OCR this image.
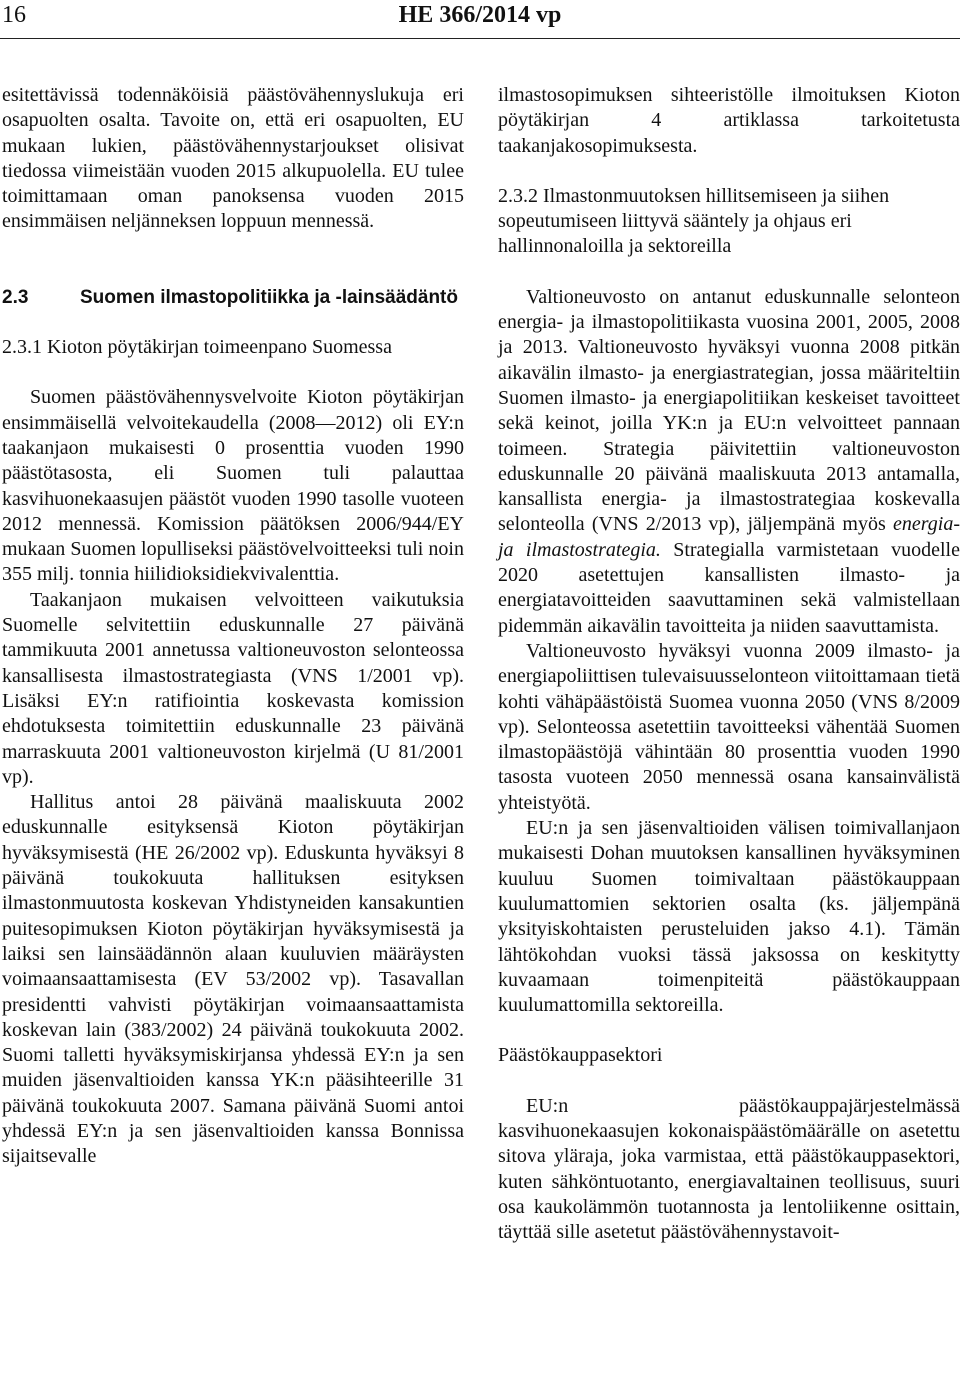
HE 366/2014 vp
16

esitettävissä todennäköisiä päästövähennyslukuja eri osapuolten osalta. Tavoite on, että eri osapuolten, EU mukaan lukien, päästövähennystarjoukset olisivat tiedossa viimeistään vuoden 2015 alkupuolella. EU tulee toimittamaan oman panoksensa vuoden 2015 ensimmäisen neljänneksen loppuun mennessä.

2.3	Suomen ilmastopolitiikka ja -lainsäädäntö

2.3.1 Kioton pöytäkirjan toimeenpano Suomessa

Suomen päästövähennysvelvoite Kioton pöytäkirjan ensimmäisellä velvoitekaudella (2008—2012) oli EY:n taakanjaon mukaisesti 0 prosenttia vuoden 1990 päästötasosta, eli Suomen tuli palauttaa kasvihuonekaasujen päästöt vuoden 1990 tasolle vuoteen 2012 mennessä. Komission päätöksen 2006/944/EY mukaan Suomen lopulliseksi päästövelvoitteeksi tuli noin 355 milj. tonnia hiilidioksidiekvivalenttia.

Taakanjaon mukaisen velvoitteen vaikutuksia Suomelle selvitettiin eduskunnalle 27 päivänä tammikuuta 2001 annetussa valtioneuvoston selonteossa kansallisesta ilmastostrategiasta (VNS 1/2001 vp). Lisäksi EY:n ratifiointia koskevasta komission ehdotuksesta toimitettiin eduskunnalle 23 päivänä marraskuuta 2001 valtioneuvoston kirjelmä (U 81/2001 vp).

Hallitus antoi 28 päivänä maaliskuuta 2002 eduskunnalle esityksensä Kioton pöytäkirjan hyväksymisestä (HE 26/2002 vp). Eduskunta hyväksyi 8 päivänä toukokuuta hallituksen esityksen ilmastonmuutosta koskevan Yhdistyneiden kansakuntien puitesopimuksen Kioton pöytäkirjan hyväksymisestä ja laiksi sen lainsäädännön alaan kuuluvien määräysten voimaansaattamisesta (EV 53/2002 vp). Tasavallan presidentti vahvisti pöytäkirjan voimaansaattamista koskevan lain (383/2002) 24 päivänä toukokuuta 2002. Suomi talletti hyväksymiskirjansa yhdessä EY:n ja sen muiden jäsenvaltioiden kanssa YK:n pääsihteerille 31 päivänä toukokuuta 2007. Samana päivänä Suomi antoi yhdessä EY:n ja sen jäsenvaltioiden kanssa Bonnissa sijaitsevalle

ilmastosopimuksen sihteeristölle ilmoituksen Kioton pöytäkirjan 4 artiklassa tarkoitetusta taakanjakosopimuksesta.

2.3.2 Ilmastonmuutoksen hillitsemiseen ja siihen sopeutumiseen liittyvä sääntely ja ohjaus eri hallinnonaloilla ja sektoreilla

Valtioneuvosto on antanut eduskunnalle selonteon energia- ja ilmastopolitiikasta vuosina 2001, 2005, 2008 ja 2013. Valtioneuvosto hyväksyi vuonna 2008 pitkän aikavälin ilmasto- ja energiastrategian, jossa määriteltiin Suomen ilmasto- ja energiapolitiikan keskeiset tavoitteet sekä keinot, joilla YK:n ja EU:n velvoitteet pannaan toimeen. Strategia päivitettiin valtioneuvoston eduskunnalle 20 päivänä maaliskuuta 2013 antamalla, kansallista energia- ja ilmastostrategiaa koskevalla selonteolla (VNS 2/2013 vp), jäljempänä myös energia- ja ilmastostrategia. Strategialla varmistetaan vuodelle 2020 asetettujen kansallisten ilmasto- ja energiatavoitteiden saavuttaminen sekä valmistellaan pidemmän aikavälin tavoitteita ja niiden saavuttamista.

Valtioneuvosto hyväksyi vuonna 2009 ilmasto- ja energiapoliittisen tulevaisuusselonteon viitoittamaan tietä kohti vähäpäästöistä Suomea vuonna 2050 (VNS 8/2009 vp). Selonteossa asetettiin tavoitteeksi vähentää Suomen ilmastopäästöjä vähintään 80 prosenttia vuoden 1990 tasosta vuoteen 2050 mennessä osana kansainvälistä yhteistyötä.

EU:n ja sen jäsenvaltioiden välisen toimivallanjaon mukaisesti Dohan muutoksen kansallinen hyväksyminen kuuluu Suomen toimivaltaan päästökauppaan kuulumattomien sektorien osalta (ks. jäljempänä yksityiskohtaisten perusteluiden jakso 4.1). Tämän lähtökohdan vuoksi tässä jaksossa on keskitytty kuvaamaan toimenpiteitä päästökauppaan kuulumattomilla sektoreilla.

Päästökauppasektori

EU:n päästökauppajärjestelmässä kasvihuonekaasujen kokonaispäästömäärälle on asetettu sitova yläraja, joka varmistaa, että päästökauppasektori, kuten sähköntuotanto, energiavaltainen teollisuus, suuri osa kaukolämmön tuotannosta ja lentoliikenne osittain, täyttää sille asetetut päästövähennystavoit-
